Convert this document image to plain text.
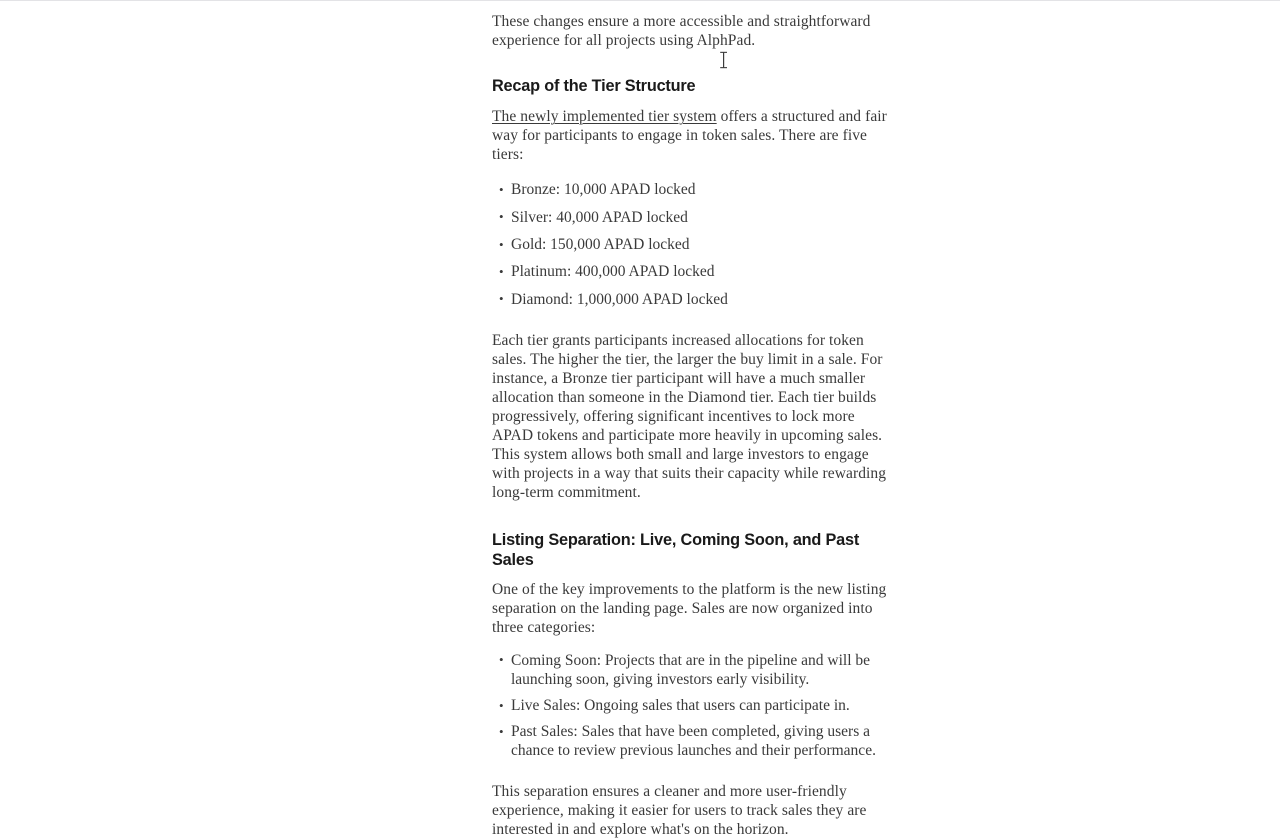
These changes ensure a more accessible and straightforward experience for all projects using AlphPad.

Recap of the Tier Structure

The newly implemented tier system offers a structured and fair way for participants to engage in token sales. There are five tiers:

• Bronze: 10,000 APAD locked
• Silver: 40,000 APAD locked
• Gold: 150,000 APAD locked
• Platinum: 400,000 APAD locked
• Diamond: 1,000,000 APAD locked

Each tier grants participants increased allocations for token sales. The higher the tier, the larger the buy limit in a sale. For instance, a Bronze tier participant will have a much smaller allocation than someone in the Diamond tier. Each tier builds progressively, offering significant incentives to lock more APAD tokens and participate more heavily in upcoming sales. This system allows both small and large investors to engage with projects in a way that suits their capacity while rewarding long-term commitment.

Listing Separation: Live, Coming Soon, and Past Sales

One of the key improvements to the platform is the new listing separation on the landing page. Sales are now organized into three categories:

• Coming Soon: Projects that are in the pipeline and will be launching soon, giving investors early visibility.
• Live Sales: Ongoing sales that users can participate in.
• Past Sales: Sales that have been completed, giving users a chance to review previous launches and their performance.

This separation ensures a cleaner and more user-friendly experience, making it easier for users to track sales they are interested in and explore what's on the horizon.
